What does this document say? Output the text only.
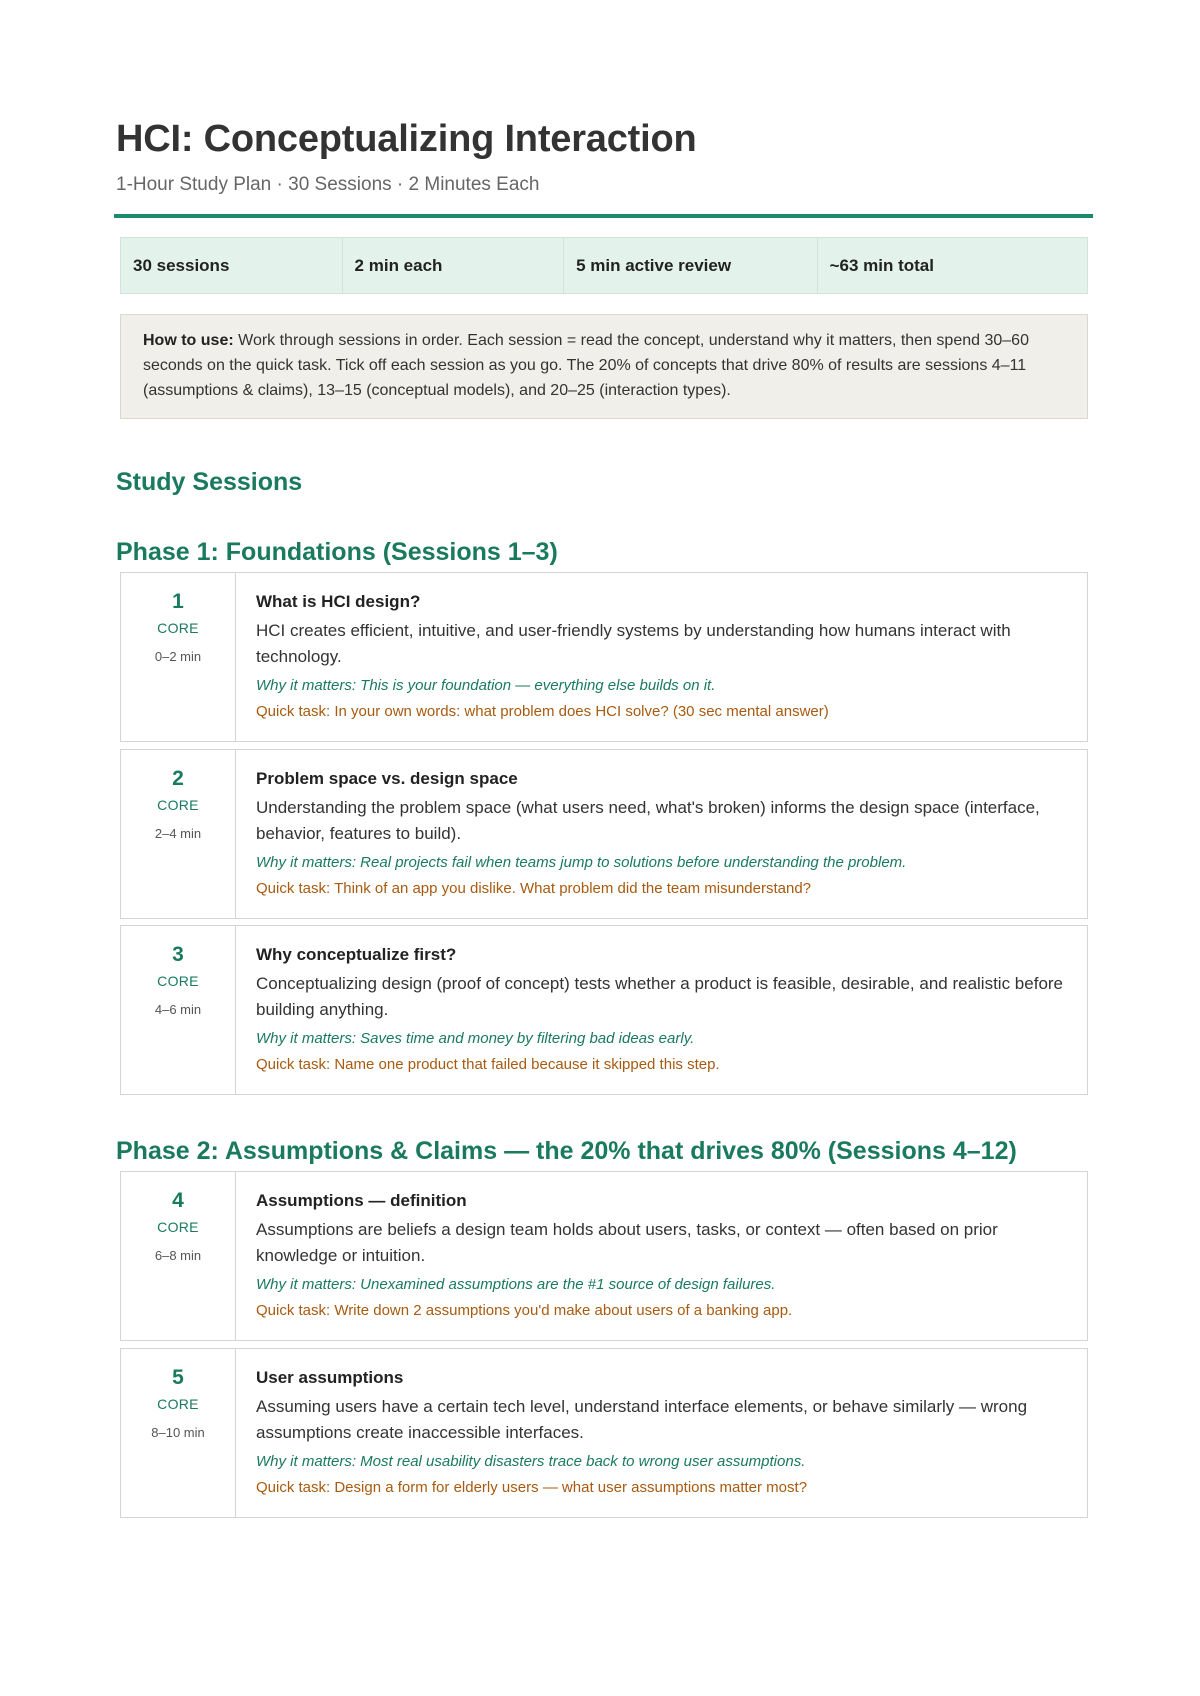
HCI: Conceptualizing Interaction
1-Hour Study Plan · 30 Sessions · 2 Minutes Each
30 sessions	2 min each	5 min active review	~63 min total
How to use: Work through sessions in order. Each session = read the concept, understand why it matters, then spend 30–60 seconds on the quick task. Tick off each session as you go. The 20% of concepts that drive 80% of results are sessions 4–11 (assumptions & claims), 13–15 (conceptual models), and 20–25 (interaction types).
Study Sessions
Phase 1: Foundations (Sessions 1–3)
1
CORE
0–2 min
What is HCI design?
HCI creates efficient, intuitive, and user-friendly systems by understanding how humans interact with technology.
Why it matters: This is your foundation — everything else builds on it.
Quick task: In your own words: what problem does HCI solve? (30 sec mental answer)
2
CORE
2–4 min
Problem space vs. design space
Understanding the problem space (what users need, what's broken) informs the design space (interface, behavior, features to build).
Why it matters: Real projects fail when teams jump to solutions before understanding the problem.
Quick task: Think of an app you dislike. What problem did the team misunderstand?
3
CORE
4–6 min
Why conceptualize first?
Conceptualizing design (proof of concept) tests whether a product is feasible, desirable, and realistic before building anything.
Why it matters: Saves time and money by filtering bad ideas early.
Quick task: Name one product that failed because it skipped this step.
Phase 2: Assumptions & Claims — the 20% that drives 80% (Sessions 4–12)
4
CORE
6–8 min
Assumptions — definition
Assumptions are beliefs a design team holds about users, tasks, or context — often based on prior knowledge or intuition.
Why it matters: Unexamined assumptions are the #1 source of design failures.
Quick task: Write down 2 assumptions you'd make about users of a banking app.
5
CORE
8–10 min
User assumptions
Assuming users have a certain tech level, understand interface elements, or behave similarly — wrong assumptions create inaccessible interfaces.
Why it matters: Most real usability disasters trace back to wrong user assumptions.
Quick task: Design a form for elderly users — what user assumptions matter most?
